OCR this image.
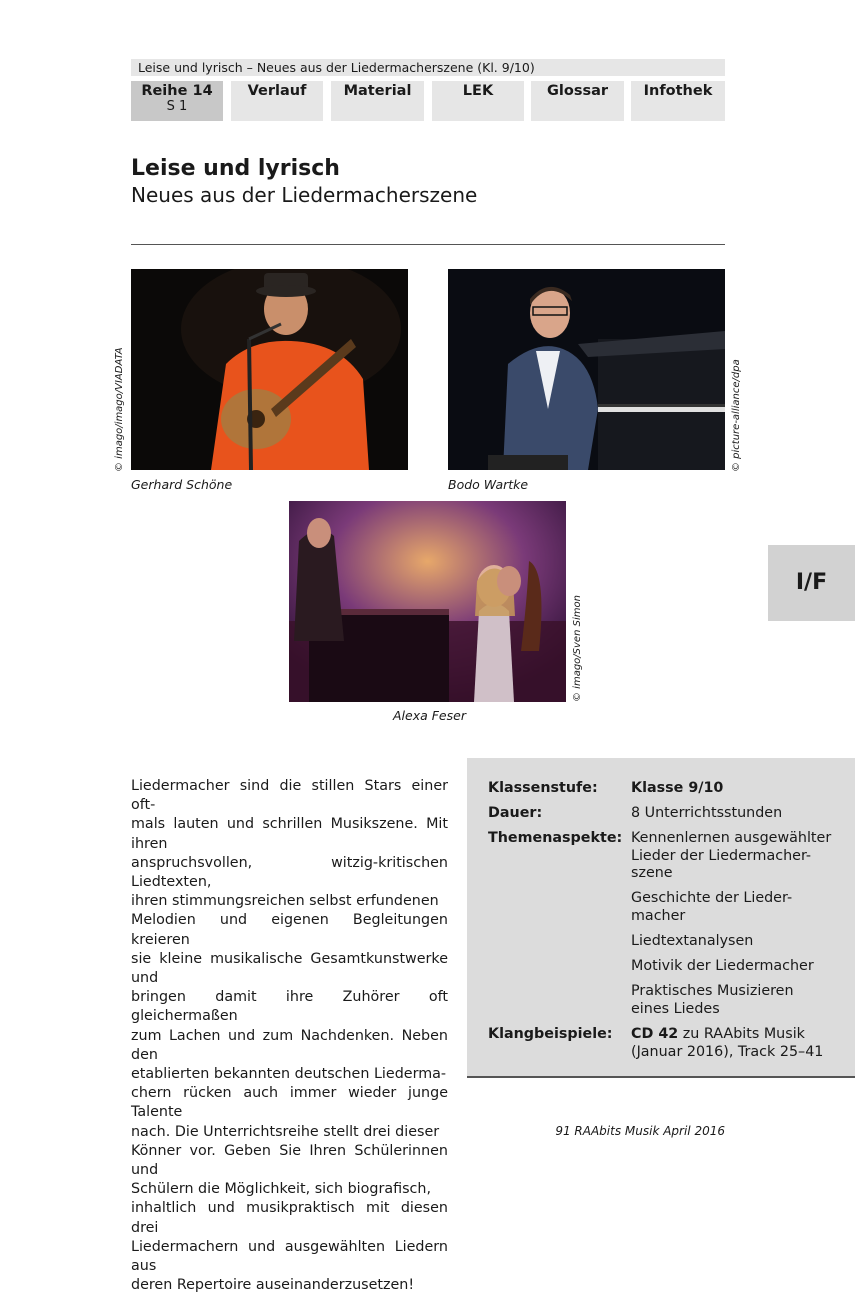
Leise und lyrisch – Neues aus der Liedermacherszene (Kl. 9/10)
Reihe 14
S 1
Verlauf	Material	LEK	Glossar	Infothek
Leise und lyrisch
Neues aus der Liedermacherszene
Gerhard Schöne
© imago/imago/VIADATA
Bodo Wartke
© picture-alliance/dpa
Alexa Feser
© imago/Sven Simon
I/F
Liedermacher sind die stillen Stars einer oft-
mals lauten und schrillen Musikszene. Mit ihren
anspruchsvollen, witzig-kritischen Liedtexten,
ihren stimmungsreichen selbst erfundenen
Melodien und eigenen Begleitungen kreieren
sie kleine musikalische Gesamtkunstwerke und
bringen damit ihre Zuhörer oft gleichermaßen
zum Lachen und zum Nachdenken. Neben den
etablierten bekannten deutschen Liederma-
chern rücken auch immer wieder junge Talente
nach. Die Unterrichtsreihe stellt drei dieser
Könner vor. Geben Sie Ihren Schülerinnen und
Schülern die Möglichkeit, sich biografisch,
inhaltlich und musikpraktisch mit diesen drei
Liedermachern und ausgewählten Liedern aus
deren Repertoire auseinanderzusetzen!
Klassenstufe: Klasse 9/10
Dauer:	8 Unterrichtsstunden
Themenaspekte: Kennenlernen ausgewählter
Lieder der Liedermacher-
szene
Geschichte der Lieder-
macher
Liedtextanalysen
Motivik der Liedermacher
Praktisches Musizieren
eines Liedes
Klangbeispiele: CD 42 zu RAAbits Musik
(Januar 2016), Track 25–41
91 RAAbits Musik April 2016
